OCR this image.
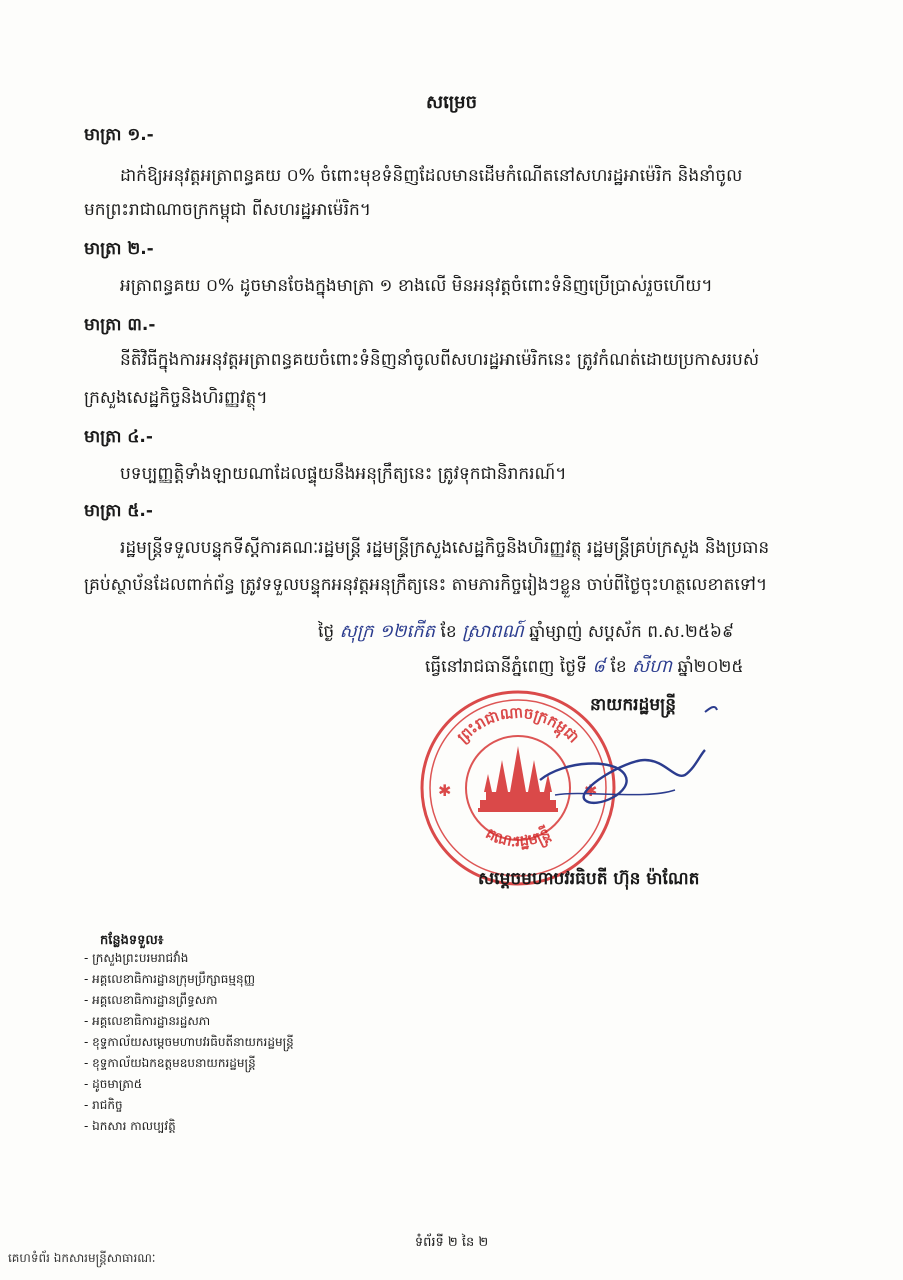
សម្រេច
មាត្រា ១.-
ដាក់ឱ្យអនុវត្តអត្រាពន្ធគយ ០% ចំពោះមុខទំនិញដែលមានដើមកំណើតនៅសហរដ្ឋអាម៉េរិក និងនាំចូល
មកព្រះរាជាណាចក្រកម្ពុជា ពីសហរដ្ឋអាម៉េរិក។
មាត្រា ២.-
អត្រាពន្ធគយ ០% ដូចមានចែងក្នុងមាត្រា ១ ខាងលើ មិនអនុវត្តចំពោះទំនិញប្រើប្រាស់រួចហើយ។
មាត្រា ៣.-
នីតិវិធីក្នុងការអនុវត្តអត្រាពន្ធគយចំពោះទំនិញនាំចូលពីសហរដ្ឋអាម៉េរិកនេះ ត្រូវកំណត់ដោយប្រកាសរបស់
ក្រសួងសេដ្ឋកិច្ចនិងហិរញ្ញវត្ថុ។
មាត្រា ៤.-
បទប្បញ្ញត្តិទាំងឡាយណាដែលផ្ទុយនឹងអនុក្រឹត្យនេះ ត្រូវទុកជានិរាករណ៍។
មាត្រា ៥.-
រដ្ឋមន្ត្រីទទួលបន្ទុកទីស្តីការគណៈរដ្ឋមន្ត្រី រដ្ឋមន្ត្រីក្រសួងសេដ្ឋកិច្ចនិងហិរញ្ញវត្ថុ រដ្ឋមន្ត្រីគ្រប់ក្រសួង និងប្រធាន
គ្រប់ស្ថាប័នដែលពាក់ព័ន្ធ ត្រូវទទួលបន្ទុកអនុវត្តអនុក្រឹត្យនេះ តាមភារកិច្ចរៀងៗខ្លួន ចាប់ពីថ្ងៃចុះហត្ថលេខាតទៅ។
ថ្ងៃ សុក្រ ១២កើត ខែ ស្រាពណ៍ ឆ្នាំម្សាញ់ សប្តស័ក ព.ស.២៥៦៩
ធ្វើនៅរាជធានីភ្នំពេញ ថ្ងៃទី ៨ ខែ សីហា ឆ្នាំ២០២៥
នាយករដ្ឋមន្ត្រី
ព្រះរាជាណាចក្រកម្ពុជា
គណៈរដ្ឋមន្ត្រី
✱	✱
សម្តេចមហាបវរធិបតី ហ៊ុន ម៉ាណែត
កន្លែងទទួល៖
- ក្រសួងព្រះបរមរាជវាំង
- អគ្គលេខាធិការដ្ឋានក្រុមប្រឹក្សាធម្មនុញ្ញ
- អគ្គលេខាធិការដ្ឋានព្រឹទ្ធសភា
- អគ្គលេខាធិការដ្ឋានរដ្ឋសភា
- ខុទ្ទកាល័យសម្តេចមហាបវរធិបតីនាយករដ្ឋមន្ត្រី
- ខុទ្ទកាល័យឯកឧត្តមឧបនាយករដ្ឋមន្ត្រី
- ដូចមាត្រា៥
- រាជកិច្ច
- ឯកសារ កាលប្បវត្តិ
ទំព័រទី ២ នៃ ២
គេហទំព័រ ឯកសារមន្ត្រីសាធារណៈ
